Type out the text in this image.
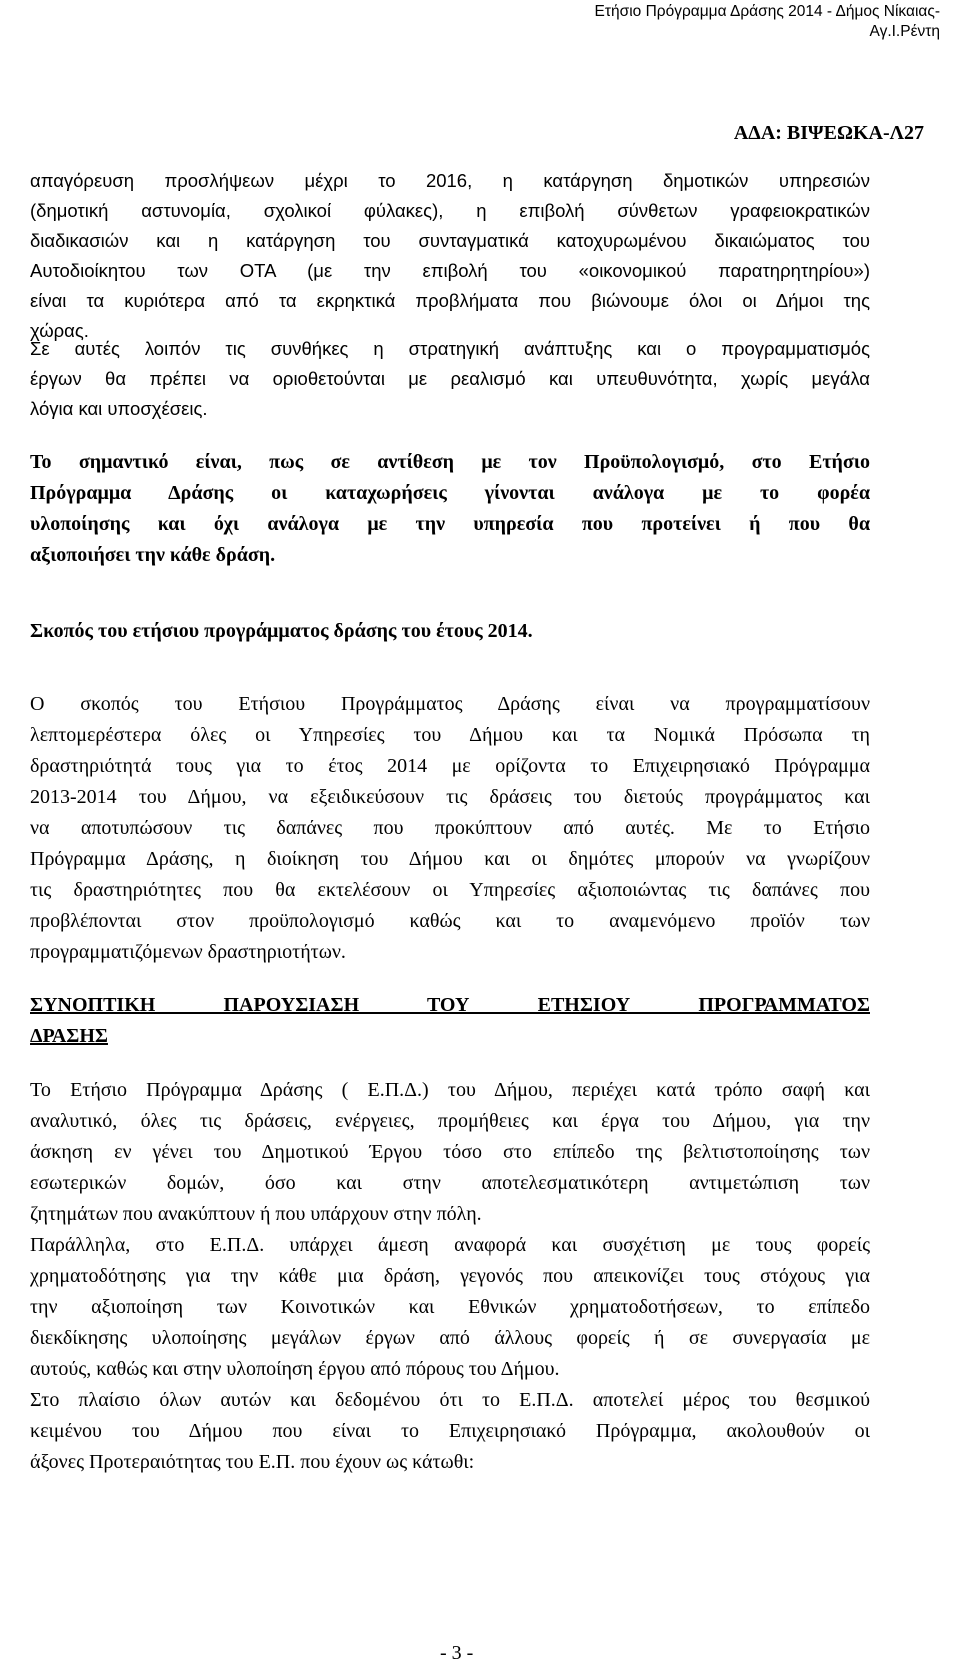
Ετήσιο Πρόγραμμα Δράσης 2014 - Δήμος Νίκαιας-
Αγ.Ι.Ρέντη
ΑΔΑ: ΒΙΨΕΩΚΑ-Λ27
απαγόρευση προσλήψεων μέχρι το 2016, η κατάργηση δημοτικών υπηρεσιών
(δημοτική αστυνομία, σχολικοί φύλακες), η επιβολή σύνθετων γραφειοκρατικών
διαδικασιών και η κατάργηση του συνταγματικά κατοχυρωμένου δικαιώματος του
Αυτοδιοίκητου των ΟΤΑ (με την επιβολή του «οικονομικού παρατηρητηρίου»)
είναι τα κυριότερα από τα εκρηκτικά προβλήματα που βιώνουμε όλοι οι Δήμοι της
χώρας.
Σε αυτές λοιπόν τις συνθήκες η στρατηγική ανάπτυξης και ο προγραμματισμός
έργων θα πρέπει να οριοθετούνται με ρεαλισμό και υπευθυνότητα, χωρίς μεγάλα
λόγια και υποσχέσεις.
Το σημαντικό είναι, πως σε αντίθεση με τον Προϋπολογισμό, στο Ετήσιο
Πρόγραμμα Δράσης οι καταχωρήσεις γίνονται ανάλογα με το φορέα
υλοποίησης και όχι ανάλογα με την υπηρεσία που προτείνει ή που θα
αξιοποιήσει την κάθε δράση.
Σκοπός του ετήσιου προγράμματος δράσης του έτους 2014.
Ο σκοπός του Ετήσιου Προγράμματος Δράσης είναι να προγραμματίσουν
λεπτομερέστερα όλες οι Υπηρεσίες του Δήμου και τα Νομικά Πρόσωπα τη
δραστηριότητά τους για το έτος 2014 με ορίζοντα το Επιχειρησιακό Πρόγραμμα
2013-2014 του Δήμου, να εξειδικεύσουν τις δράσεις του διετούς προγράμματος και
να αποτυπώσουν τις δαπάνες που προκύπτουν από αυτές. Με το Ετήσιο
Πρόγραμμα Δράσης, η διοίκηση του Δήμου και οι δημότες μπορούν να γνωρίζουν
τις δραστηριότητες που θα εκτελέσουν οι Υπηρεσίες αξιοποιώντας τις δαπάνες που
προβλέπονται στον προϋπολογισμό καθώς και το αναμενόμενο προϊόν των
προγραμματιζόμενων δραστηριοτήτων.
ΣΥΝΟΠΤΙΚΗ ΠΑΡΟΥΣΙΑΣΗ ΤΟΥ ΕΤΗΣΙΟΥ ΠΡΟΓΡΑΜΜΑΤΟΣ
ΔΡΑΣΗΣ
Το Ετήσιο Πρόγραμμα Δράσης ( Ε.Π.Δ.) του Δήμου, περιέχει κατά τρόπο σαφή και
αναλυτικό, όλες τις δράσεις, ενέργειες, προμήθειες και έργα του Δήμου, για την
άσκηση εν γένει του Δημοτικού Έργου τόσο στο επίπεδο της βελτιστοποίησης των
εσωτερικών δομών, όσο και στην αποτελεσματικότερη αντιμετώπιση των
ζητημάτων που ανακύπτουν ή που υπάρχουν στην πόλη.
Παράλληλα, στο Ε.Π.Δ. υπάρχει άμεση αναφορά και συσχέτιση με τους φορείς
χρηματοδότησης για την κάθε μια δράση, γεγονός που απεικονίζει τους στόχους για
την αξιοποίηση των Κοινοτικών και Εθνικών χρηματοδοτήσεων, το επίπεδο
διεκδίκησης υλοποίησης μεγάλων έργων από άλλους φορείς ή σε συνεργασία με
αυτούς, καθώς και στην υλοποίηση έργου από πόρους του Δήμου.
Στο πλαίσιο όλων αυτών και δεδομένου ότι το Ε.Π.Δ. αποτελεί μέρος του θεσμικού
κειμένου του Δήμου που είναι το Επιχειρησιακό Πρόγραμμα, ακολουθούν οι
άξονες Προτεραιότητας του Ε.Π. που έχουν ως κάτωθι:
- 3 -
